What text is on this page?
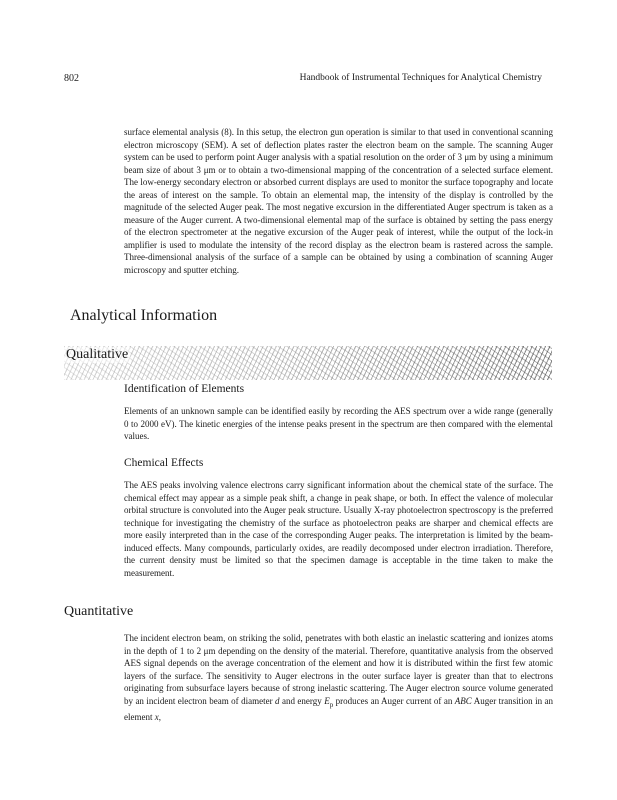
802	Handbook of Instrumental Techniques for Analytical Chemistry

surface elemental analysis (8). In this setup, the electron gun operation is similar to that used in conventional scanning electron microscopy (SEM). A set of deflection plates raster the electron beam on the sample. The scanning Auger system can be used to perform point Auger analysis with a spatial resolution on the order of 3 μm by using a minimum beam size of about 3 μm or to obtain a two-dimensional mapping of the concentration of a selected surface element. The low-energy secondary electron or absorbed current displays are used to monitor the surface topography and locate the areas of interest on the sample. To obtain an elemental map, the intensity of the display is controlled by the magnitude of the selected Auger peak. The most negative excursion in the differentiated Auger spectrum is taken as a measure of the Auger current. A two-dimensional elemental map of the surface is obtained by setting the pass energy of the electron spectrometer at the negative excursion of the Auger peak of interest, while the output of the lock-in amplifier is used to modulate the intensity of the record display as the electron beam is rastered across the sample. Three-dimensional analysis of the surface of a sample can be obtained by using a combination of scanning Auger microscopy and sputter etching.

Analytical Information
Qualitative
Identification of Elements

Elements of an unknown sample can be identified easily by recording the AES spectrum over a wide range (generally 0 to 2000 eV). The kinetic energies of the intense peaks present in the spectrum are then compared with the elemental values.

Chemical Effects

The AES peaks involving valence electrons carry significant information about the chemical state of the surface. The chemical effect may appear as a simple peak shift, a change in peak shape, or both. In effect the valence of molecular orbital structure is convoluted into the Auger peak structure. Usually X-ray photoelectron spectroscopy is the preferred technique for investigating the chemistry of the surface as photoelectron peaks are sharper and chemical effects are more easily interpreted than in the case of the corresponding Auger peaks. The interpretation is limited by the beam-induced effects. Many compounds, particularly oxides, are readily decomposed under electron irradiation. Therefore, the current density must be limited so that the specimen damage is acceptable in the time taken to make the measurement.

Quantitative

The incident electron beam, on striking the solid, penetrates with both elastic an inelastic scattering and ionizes atoms in the depth of 1 to 2 μm depending on the density of the material. Therefore, quantitative analysis from the observed AES signal depends on the average concentration of the element and how it is distributed within the first few atomic layers of the surface. The sensitivity to Auger electrons in the outer surface layer is greater than that to electrons originating from subsurface layers because of strong inelastic scattering. The Auger electron source volume generated by an incident electron beam of diameter d and energy $E_p$ produces an Auger current of an ABC Auger transition in an element x,
